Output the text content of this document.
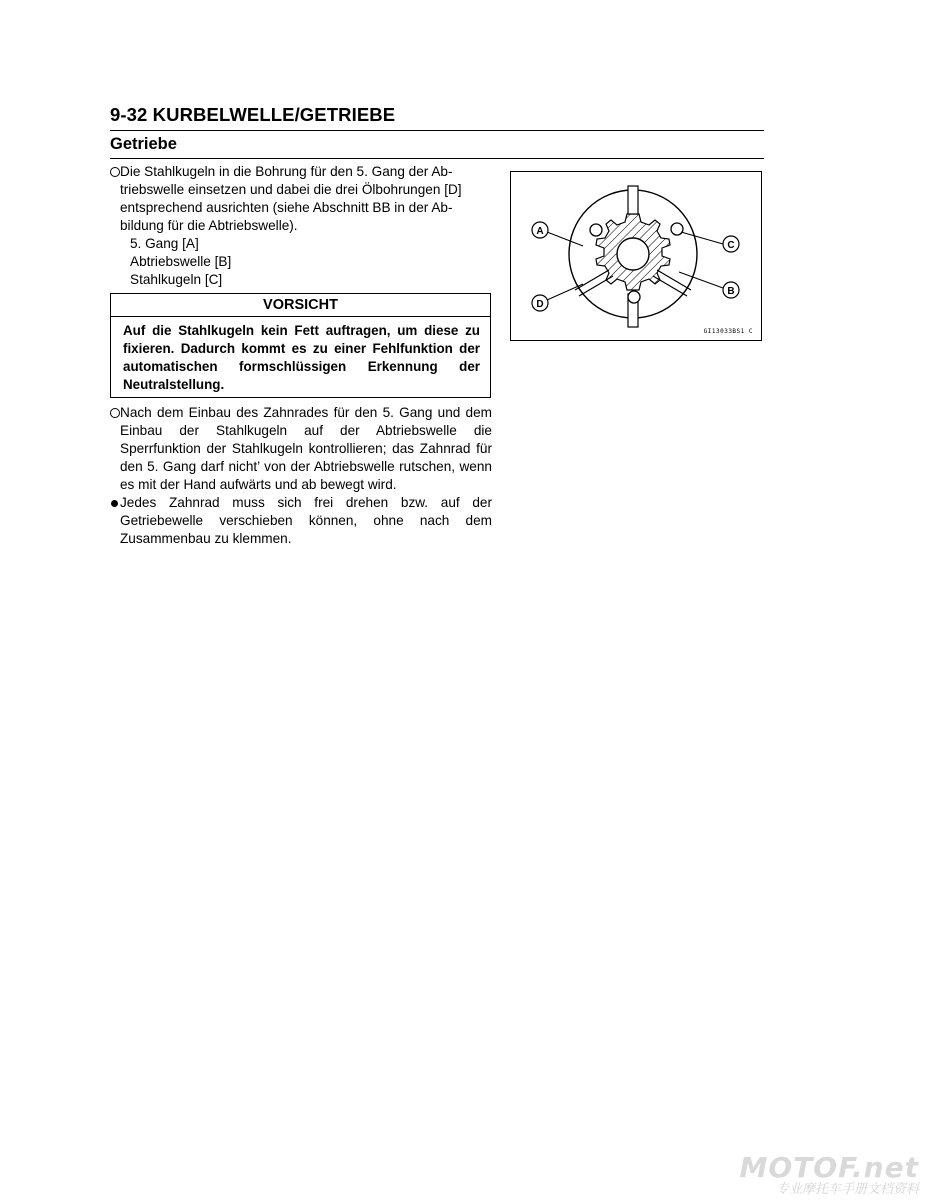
9-32 KURBELWELLE/GETRIEBE
Getriebe
Die Stahlkugeln in die Bohrung für den 5. Gang der Ab-
triebswelle einsetzen und dabei die drei Ölbohrungen [D]
entsprechend ausrichten (siehe Abschnitt BB in der Ab-
bildung für die Abtriebswelle).
5. Gang [A]
Abtriebswelle [B]
Stahlkugeln [C]
VORSICHT
Auf die Stahlkugeln kein Fett auftragen, um diese zu fixieren. Dadurch kommt es zu einer Fehlfunktion der automatischen formschlüssigen Erkennung der Neutralstellung.
Nach dem Einbau des Zahnrades für den 5. Gang und dem Einbau der Stahlkugeln auf der Abtriebswelle die Sperrfunktion der Stahlkugeln kontrollieren; das Zahnrad für den 5. Gang darf nicht’ von der Abtriebswelle rutschen, wenn es mit der Hand aufwärts und ab bewegt wird.
Jedes Zahnrad muss sich frei drehen bzw. auf der Getriebewelle verschieben können, ohne nach dem Zusammenbau zu klemmen.
A
C
B
D
GI13033BS1 C
MOTOF.net
专业摩托车手册文档资料
